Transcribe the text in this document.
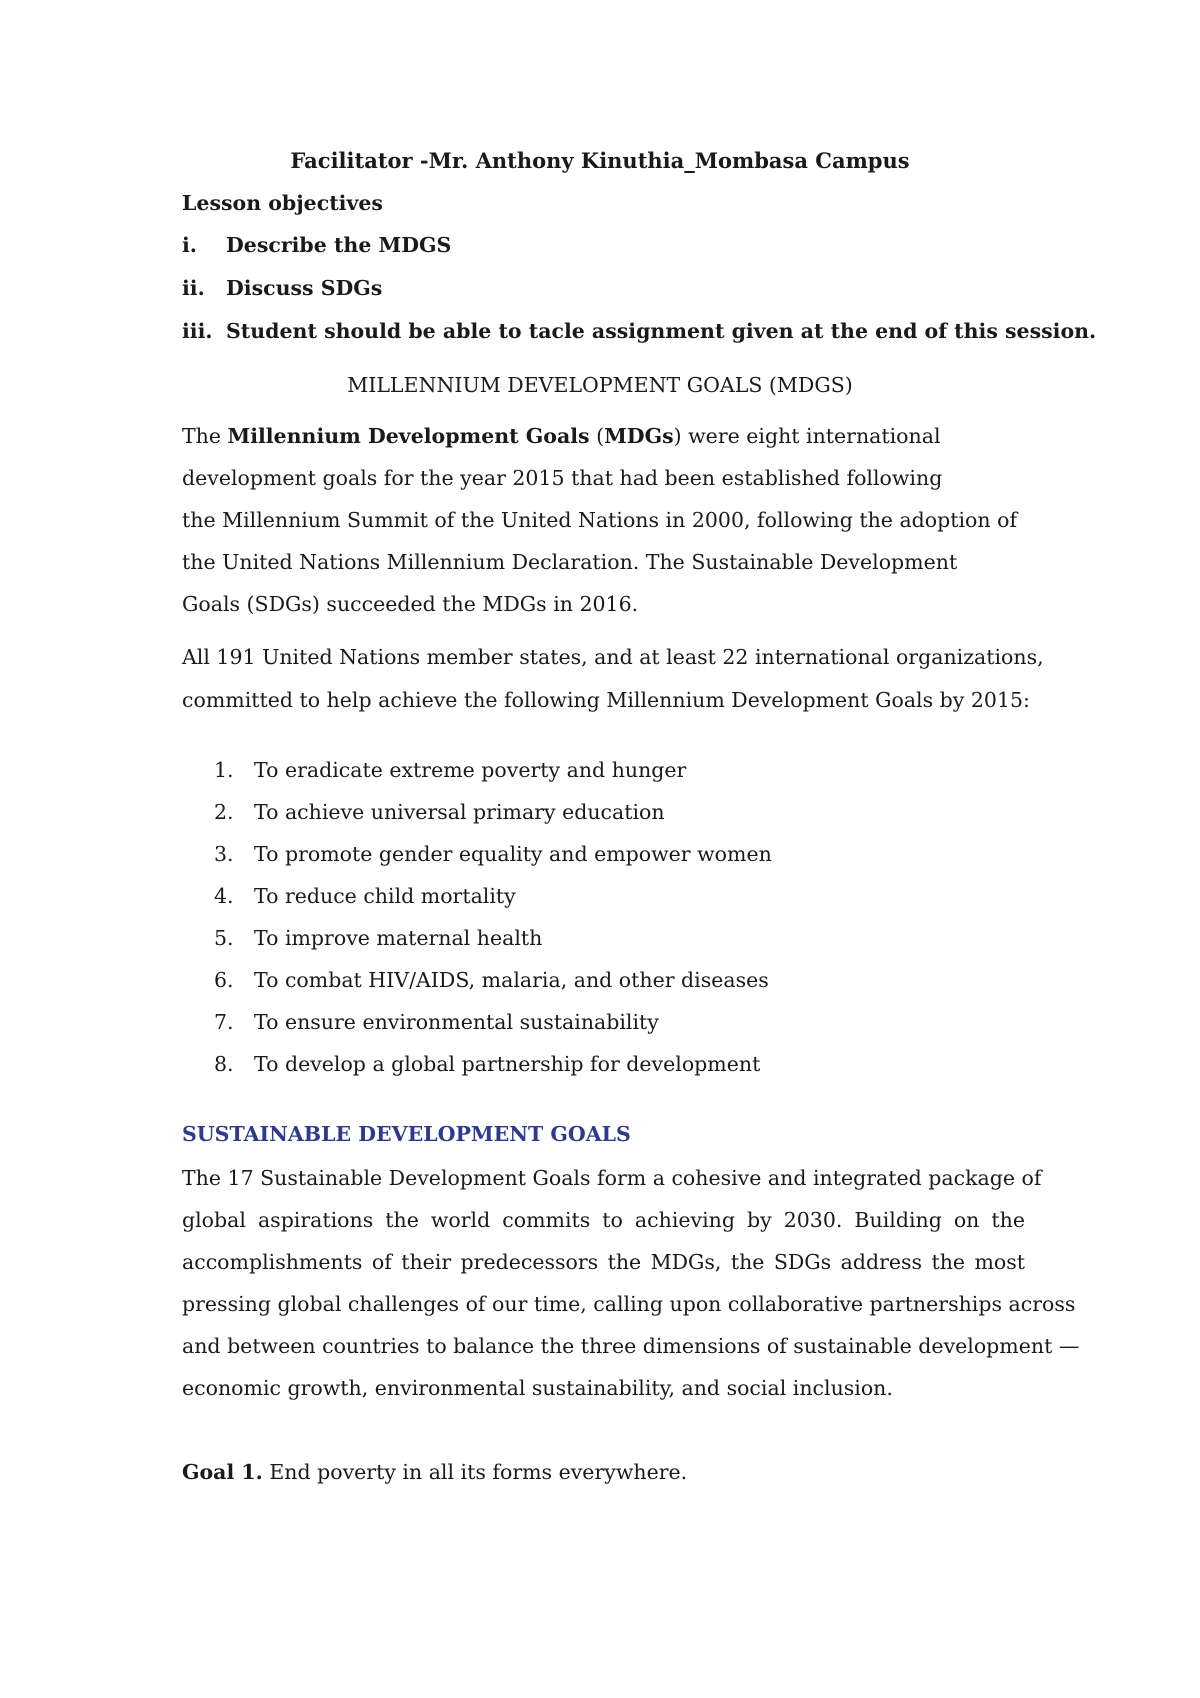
Facilitator -Mr. Anthony Kinuthia_Mombasa Campus
Lesson objectives
i. Describe the MDGS
ii. Discuss SDGs
iii. Student should be able to tacle assignment given at the end of this session.
MILLENNIUM DEVELOPMENT GOALS (MDGS)
The Millennium Development Goals (MDGs) were eight international
development goals for the year 2015 that had been established following
the Millennium Summit of the United Nations in 2000, following the adoption of
the United Nations Millennium Declaration. The Sustainable Development
Goals (SDGs) succeeded the MDGs in 2016.
All 191 United Nations member states, and at least 22 international organizations,
committed to help achieve the following Millennium Development Goals by 2015:
1. To eradicate extreme poverty and hunger
2. To achieve universal primary education
3. To promote gender equality and empower women
4. To reduce child mortality
5. To improve maternal health
6. To combat HIV/AIDS, malaria, and other diseases
7. To ensure environmental sustainability
8. To develop a global partnership for development
SUSTAINABLE DEVELOPMENT GOALS
The 17 Sustainable Development Goals form a cohesive and integrated package of
global aspirations the world commits to achieving by 2030. Building on the
accomplishments of their predecessors the MDGs, the SDGs address the most
pressing global challenges of our time, calling upon collaborative partnerships across
and between countries to balance the three dimensions of sustainable development —
economic growth, environmental sustainability, and social inclusion.
Goal 1. End poverty in all its forms everywhere.
